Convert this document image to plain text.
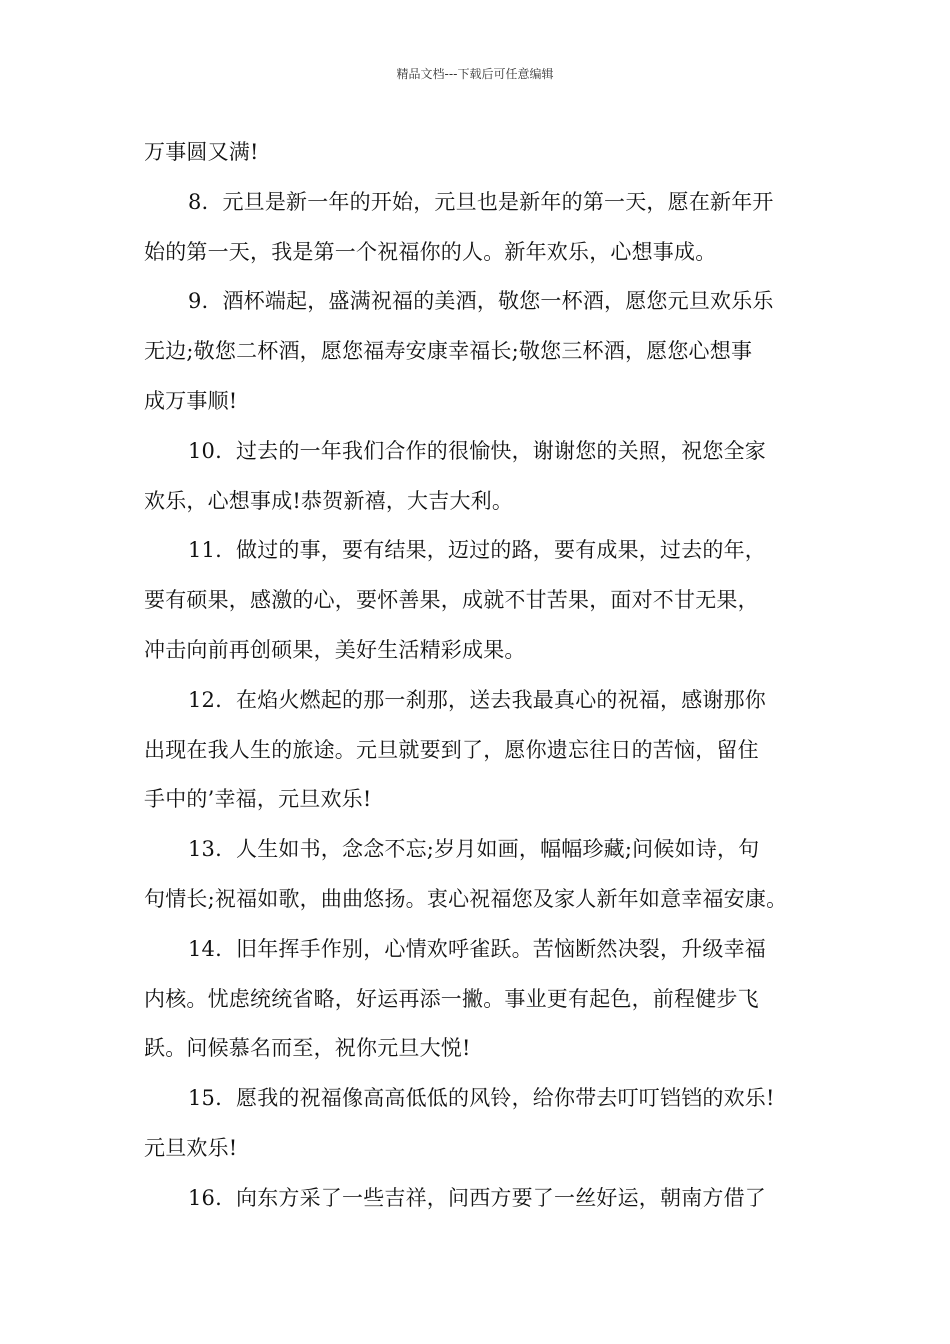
精品文档---下载后可任意编辑
万事圆又满!
8. 元旦是新一年的开始，元旦也是新年的第一天，愿在新年开
始的第一天，我是第一个祝福你的人。新年欢乐，心想事成。
9. 酒杯端起，盛满祝福的美酒，敬您一杯酒，愿您元旦欢乐乐
无边;敬您二杯酒，愿您福寿安康幸福长;敬您三杯酒，愿您心想事
成万事顺!
10. 过去的一年我们合作的很愉快，谢谢您的关照，祝您全家
欢乐，心想事成!恭贺新禧，大吉大利。
11. 做过的事，要有结果，迈过的路，要有成果，过去的年，
要有硕果，感激的心，要怀善果，成就不甘苦果，面对不甘无果，
冲击向前再创硕果，美好生活精彩成果。
12. 在焰火燃起的那一刹那，送去我最真心的祝福，感谢那你
出现在我人生的旅途。元旦就要到了，愿你遗忘往日的苦恼，留住
手中的’幸福，元旦欢乐!
13. 人生如书，念念不忘;岁月如画，幅幅珍藏;问候如诗，句
句情长;祝福如歌，曲曲悠扬。衷心祝福您及家人新年如意幸福安康。
14. 旧年挥手作别，心情欢呼雀跃。苦恼断然决裂，升级幸福
内核。忧虑统统省略，好运再添一撇。事业更有起色，前程健步飞
跃。问候慕名而至，祝你元旦大悦!
15. 愿我的祝福像高高低低的风铃，给你带去叮叮铛铛的欢乐!
元旦欢乐!
16. 向东方采了一些吉祥，问西方要了一丝好运，朝南方借了
